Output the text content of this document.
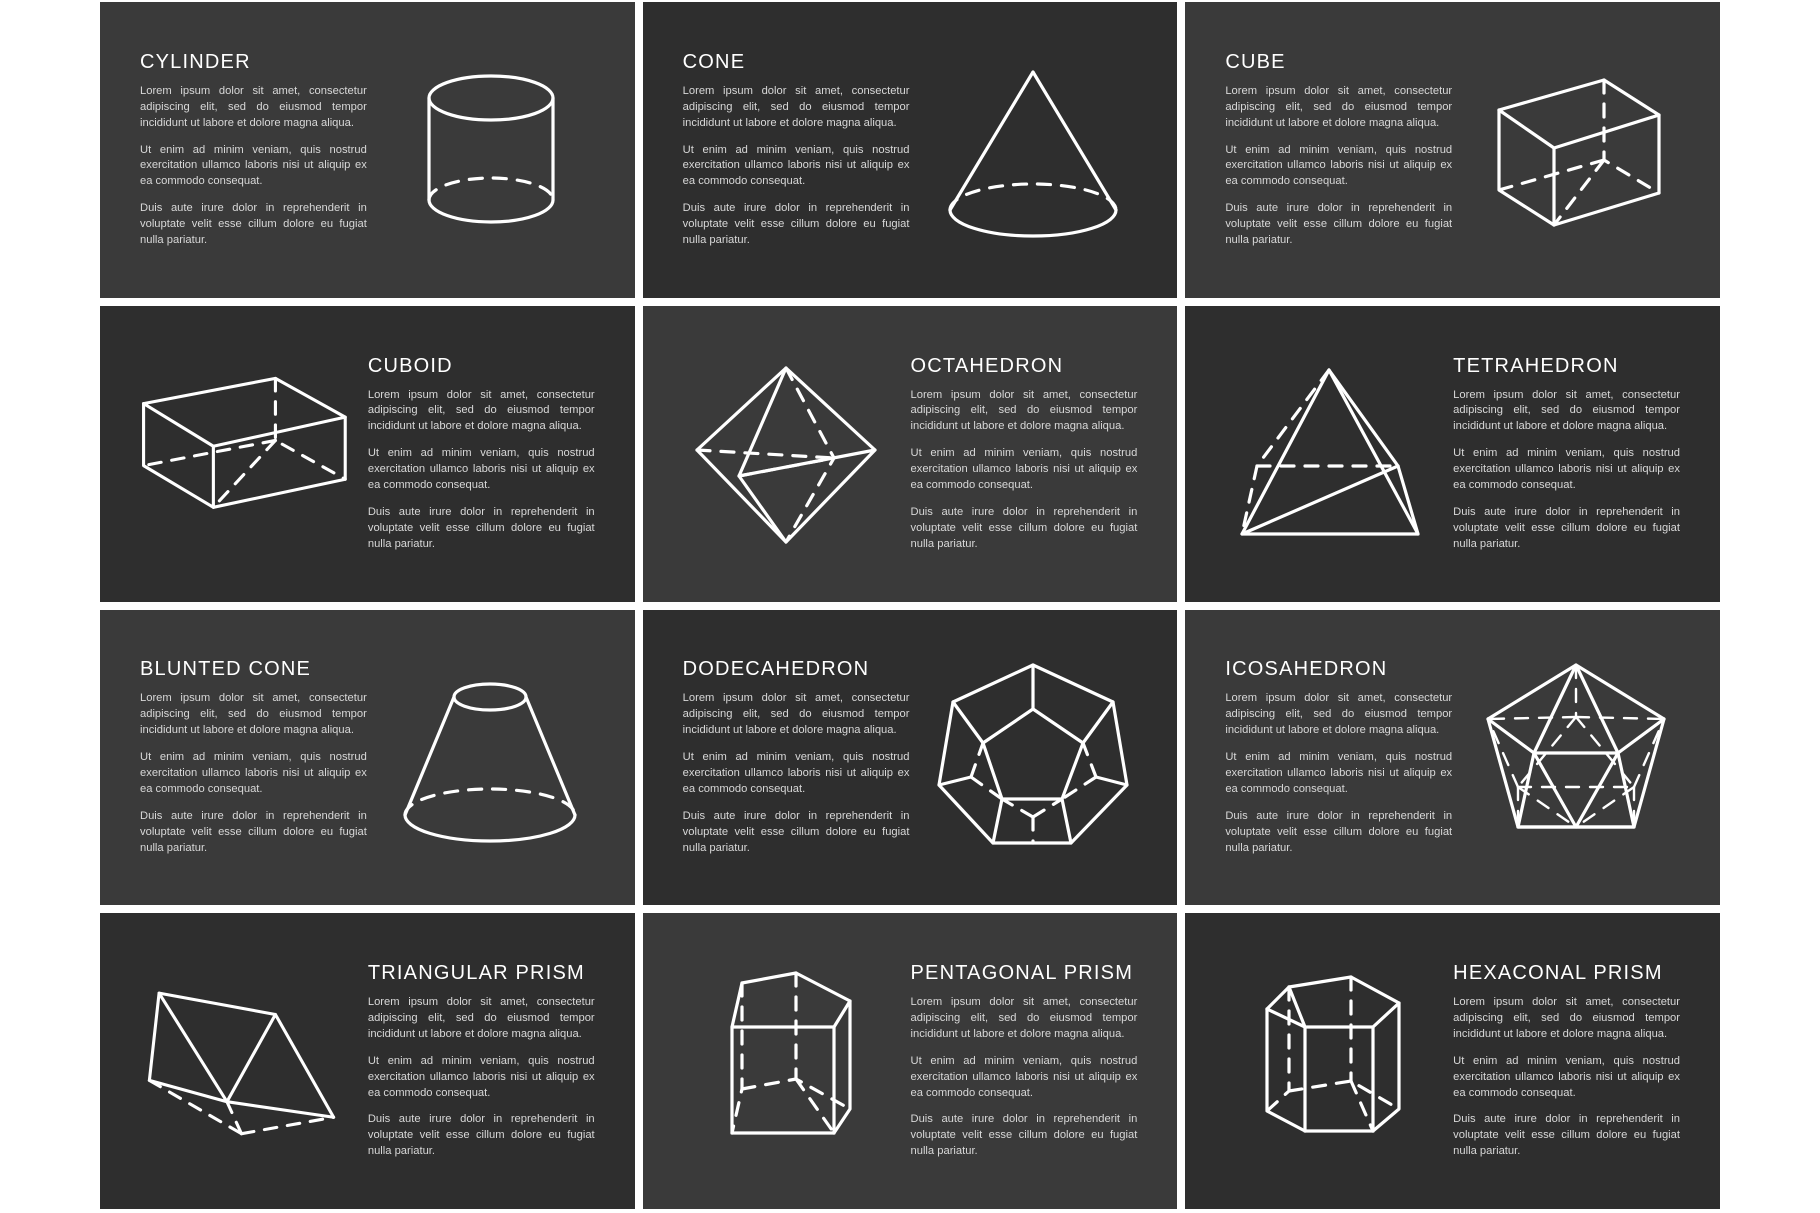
CYLINDER

Lorem ipsum dolor sit amet, consectetur adipiscing elit, sed do eiusmod tempor incididunt ut labore et dolore magna aliqua.

Ut enim ad minim veniam, quis nostrud exercitation ullamco laboris nisi ut aliquip ex ea commodo consequat.

Duis aute irure dolor in reprehenderit in voluptate velit esse cillum dolore eu fugiat nulla pariatur.

CONE

Lorem ipsum dolor sit amet, consectetur adipiscing elit, sed do eiusmod tempor incididunt ut labore et dolore magna aliqua.

Ut enim ad minim veniam, quis nostrud exercitation ullamco laboris nisi ut aliquip ex ea commodo consequat.

Duis aute irure dolor in reprehenderit in voluptate velit esse cillum dolore eu fugiat nulla pariatur.

CUBE

Lorem ipsum dolor sit amet, consectetur adipiscing elit, sed do eiusmod tempor incididunt ut labore et dolore magna aliqua.

Ut enim ad minim veniam, quis nostrud exercitation ullamco laboris nisi ut aliquip ex ea commodo consequat.

Duis aute irure dolor in reprehenderit in voluptate velit esse cillum dolore eu fugiat nulla pariatur.

CUBOID

Lorem ipsum dolor sit amet, consectetur adipiscing elit, sed do eiusmod tempor incididunt ut labore et dolore magna aliqua.

Ut enim ad minim veniam, quis nostrud exercitation ullamco laboris nisi ut aliquip ex ea commodo consequat.

Duis aute irure dolor in reprehenderit in voluptate velit esse cillum dolore eu fugiat nulla pariatur.

OCTAHEDRON

Lorem ipsum dolor sit amet, consectetur adipiscing elit, sed do eiusmod tempor incididunt ut labore et dolore magna aliqua.

Ut enim ad minim veniam, quis nostrud exercitation ullamco laboris nisi ut aliquip ex ea commodo consequat.

Duis aute irure dolor in reprehenderit in voluptate velit esse cillum dolore eu fugiat nulla pariatur.

TETRAHEDRON

Lorem ipsum dolor sit amet, consectetur adipiscing elit, sed do eiusmod tempor incididunt ut labore et dolore magna aliqua.

Ut enim ad minim veniam, quis nostrud exercitation ullamco laboris nisi ut aliquip ex ea commodo consequat.

Duis aute irure dolor in reprehenderit in voluptate velit esse cillum dolore eu fugiat nulla pariatur.

BLUNTED CONE

Lorem ipsum dolor sit amet, consectetur adipiscing elit, sed do eiusmod tempor incididunt ut labore et dolore magna aliqua.

Ut enim ad minim veniam, quis nostrud exercitation ullamco laboris nisi ut aliquip ex ea commodo consequat.

Duis aute irure dolor in reprehenderit in voluptate velit esse cillum dolore eu fugiat nulla pariatur.

DODECAHEDRON

Lorem ipsum dolor sit amet, consectetur adipiscing elit, sed do eiusmod tempor incididunt ut labore et dolore magna aliqua.

Ut enim ad minim veniam, quis nostrud exercitation ullamco laboris nisi ut aliquip ex ea commodo consequat.

Duis aute irure dolor in reprehenderit in voluptate velit esse cillum dolore eu fugiat nulla pariatur.

ICOSAHEDRON

Lorem ipsum dolor sit amet, consectetur adipiscing elit, sed do eiusmod tempor incididunt ut labore et dolore magna aliqua.

Ut enim ad minim veniam, quis nostrud exercitation ullamco laboris nisi ut aliquip ex ea commodo consequat.

Duis aute irure dolor in reprehenderit in voluptate velit esse cillum dolore eu fugiat nulla pariatur.

TRIANGULAR PRISM

Lorem ipsum dolor sit amet, consectetur adipiscing elit, sed do eiusmod tempor incididunt ut labore et dolore magna aliqua.

Ut enim ad minim veniam, quis nostrud exercitation ullamco laboris nisi ut aliquip ex ea commodo consequat.

Duis aute irure dolor in reprehenderit in voluptate velit esse cillum dolore eu fugiat nulla pariatur.

PENTAGONAL PRISM

Lorem ipsum dolor sit amet, consectetur adipiscing elit, sed do eiusmod tempor incididunt ut labore et dolore magna aliqua.

Ut enim ad minim veniam, quis nostrud exercitation ullamco laboris nisi ut aliquip ex ea commodo consequat.

Duis aute irure dolor in reprehenderit in voluptate velit esse cillum dolore eu fugiat nulla pariatur.

HEXACONAL PRISM

Lorem ipsum dolor sit amet, consectetur adipiscing elit, sed do eiusmod tempor incididunt ut labore et dolore magna aliqua.

Ut enim ad minim veniam, quis nostrud exercitation ullamco laboris nisi ut aliquip ex ea commodo consequat.

Duis aute irure dolor in reprehenderit in voluptate velit esse cillum dolore eu fugiat nulla pariatur.
